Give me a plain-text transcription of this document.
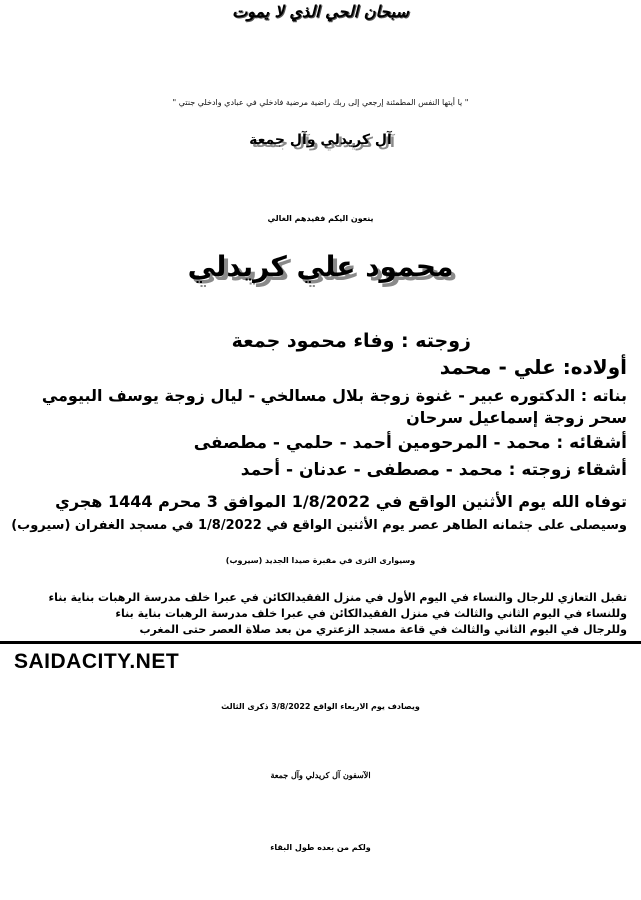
سبحان الحي الذي لا يموت
" يا أيتها النفس المطمئنة إرجعي إلى ربك راضية مرضية فادخلي في عبادي وادخلي جنتي "
آل كريدلي وآل جمعة
ينعون اليكم فقيدهم الغالي
محمود علي كريدلي
زوجته : وفاء محمود جمعة
أولاده: علي - محمد
بناته : الدكتوره عبير - غنوة زوجة بلال مسالخي - ليال زوجة يوسف البيومي
سحر زوجة إسماعيل سرحان
أشقائه : محمد - المرحومين أحمد - حلمي - مطصفى
أشقاء زوجته : محمد - مصطفى - عدنان - أحمد
توفاه الله يوم الأثنين الواقع في 1/8/2022 الموافق 3 محرم 1444 هجري
وسيصلى على جثمانه الطاهر عصر يوم الأثنين الواقع في 1/8/2022 في مسجد الغفران (سيروب)
وسيوارى الثرى في مقبرة صيدا الجديد (سيروب)
تقبل التعازي للرجال والنساء في اليوم الأول في منزل الفقيدالكائن في عبرا خلف مدرسة الرهبات بناية بناء
وللنساء في اليوم الثاني والثالث في منزل الفقيدالكائن في عبرا خلف مدرسة الرهبات بناية بناء
وللرجال في اليوم الثاني والثالث في قاعة مسجد الزعتري من بعد صلاة العصر حتى المغرب
SAIDACITY.NET
ويصادف يوم الاربعاء الواقع 3/8/2022 ذكرى الثالث
الآسفون آل كريدلي وآل جمعة
ولكم من بعده طول البقاء
